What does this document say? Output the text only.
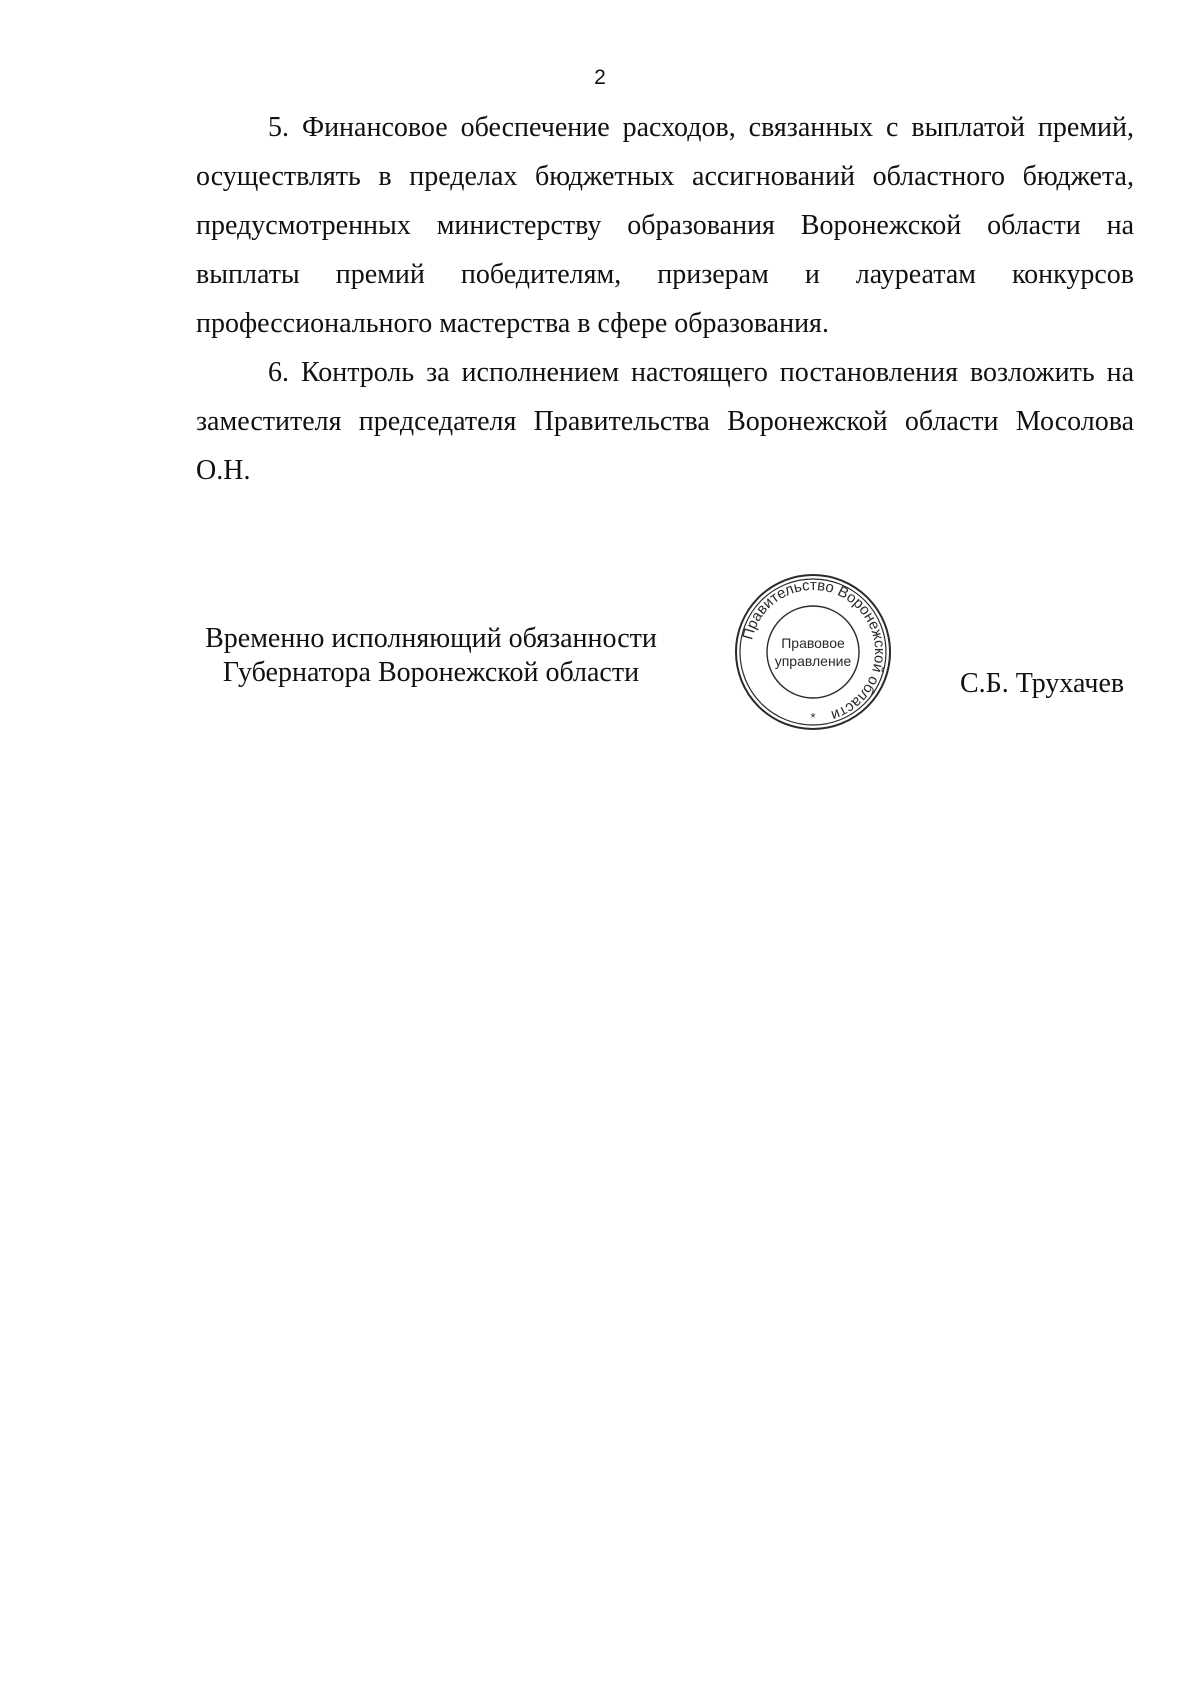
2

5. Финансовое обеспечение расходов, связанных с выплатой премий, осуществлять в пределах бюджетных ассигнований областного бюджета, предусмотренных министерству образования Воронежской области на выплаты премий победителям, призерам и лауреатам конкурсов профессионального мастерства в сфере образования.

6. Контроль за исполнением настоящего постановления возложить на заместителя председателя Правительства Воронежской области Мосолова О.Н.

Временно исполняющий обязанности
Губернатора Воронежской области
Правительство Воронежской области
Правовое
управление
*
С.Б. Трухачев
